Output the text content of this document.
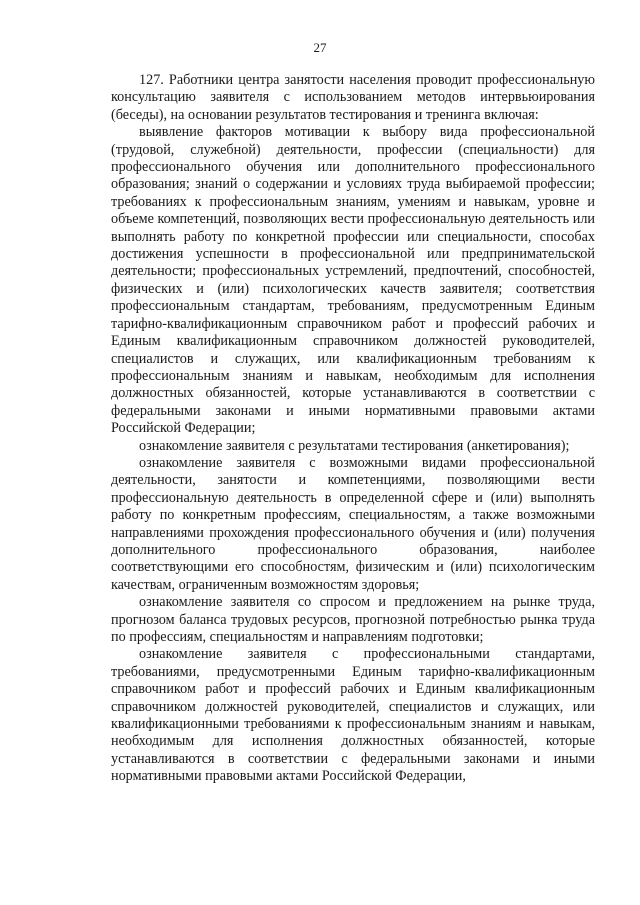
27

127. Работники центра занятости населения проводит профессиональную консультацию заявителя с использованием методов интервьюирования (беседы), на основании результатов тестирования и тренинга включая:

выявление факторов мотивации к выбору вида профессиональной (трудовой, служебной) деятельности, профессии (специальности) для профессионального обучения или дополнительного профессионального образования; знаний о содержании и условиях труда выбираемой профессии; требованиях к профессиональным знаниям, умениям и навыкам, уровне и объеме компетенций, позволяющих вести профессиональную деятельность или выполнять работу по конкретной профессии или специальности, способах достижения успешности в профессиональной или предпринимательской деятельности; профессиональных устремлений, предпочтений, способностей, физических и (или) психологических качеств заявителя; соответствия профессиональным стандартам, требованиям, предусмотренным Единым тарифно-квалификационным справочником работ и профессий рабочих и Единым квалификационным справочником должностей руководителей, специалистов и служащих, или квалификационным требованиям к профессиональным знаниям и навыкам, необходимым для исполнения должностных обязанностей, которые устанавливаются в соответствии с федеральными законами и иными нормативными правовыми актами Российской Федерации;

ознакомление заявителя с результатами тестирования (анкетирования);

ознакомление заявителя с возможными видами профессиональной деятельности, занятости и компетенциями, позволяющими вести профессиональную деятельность в определенной сфере и (или) выполнять работу по конкретным профессиям, специальностям, а также возможными направлениями прохождения профессионального обучения и (или) получения дополнительного профессионального образования, наиболее соответствующими его способностям, физическим и (или) психологическим качествам, ограниченным возможностям здоровья;

ознакомление заявителя со спросом и предложением на рынке труда, прогнозом баланса трудовых ресурсов, прогнозной потребностью рынка труда по профессиям, специальностям и направлениям подготовки;

ознакомление заявителя с профессиональными стандартами, требованиями, предусмотренными Единым тарифно-квалификационным справочником работ и профессий рабочих и Единым квалификационным справочником должностей руководителей, специалистов и служащих, или квалификационными требованиями к профессиональным знаниям и навыкам, необходимым для исполнения должностных обязанностей, которые устанавливаются в соответствии с федеральными законами и иными нормативными правовыми актами Российской Федерации,
